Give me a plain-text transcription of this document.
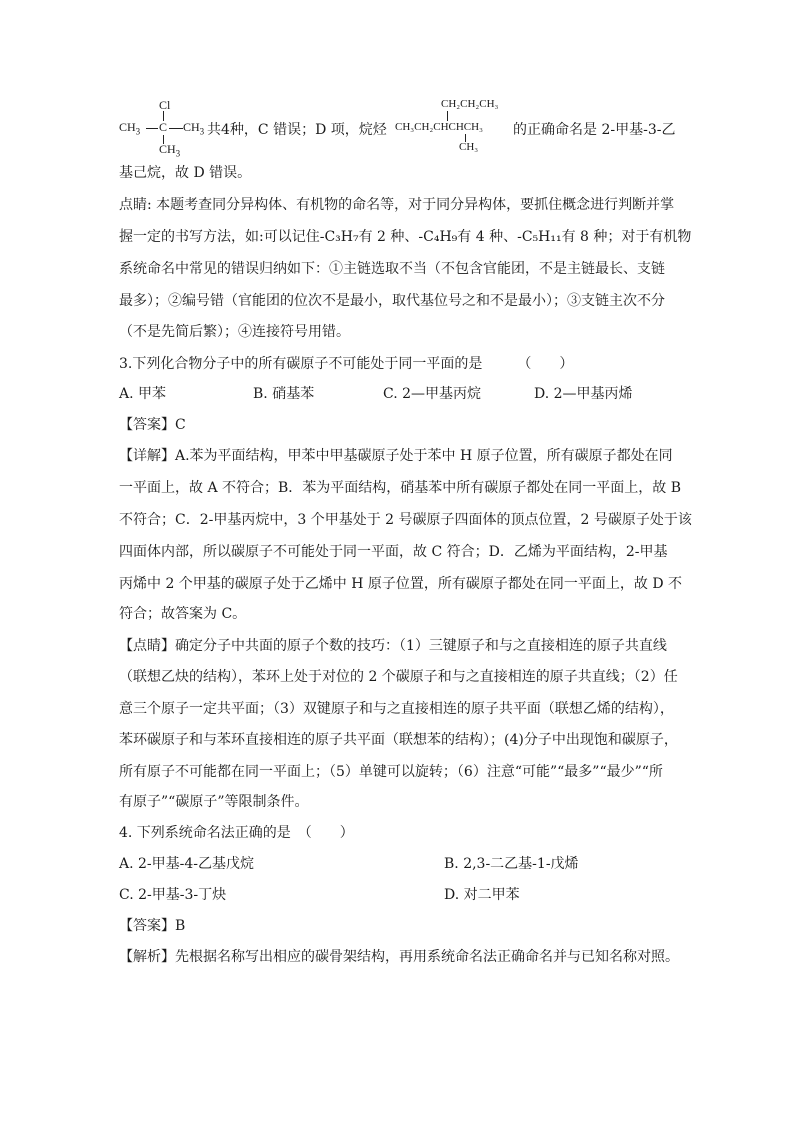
Cl
$CH_3$ C $CH_3$
$CH_3$
共4种，C 错误；D 项，烷烃
CH₂CH₂CH₃
CH₃CH₂CHCHCH₃
CH₃
的正确命名是 2-甲基-3-乙
基己烷，故 D 错误。
点睛: 本题考查同分异构体、有机物的命名等，对于同分异构体，要抓住概念进行判断并掌
握一定的书写方法，如:可以记住-C₃H₇有 2 种、-C₄H₉有 4 种、-C₅H₁₁有 8 种；对于有机物
系统命名中常见的错误归纳如下：①主链选取不当（不包含官能团，不是主链最长、支链
最多）；②编号错（官能团的位次不是最小，取代基位号之和不是最小）；③支链主次不分
（不是先简后繁）；④连接符号用错。
3.下列化合物分子中的所有碳原子不可能处于同一平面的是　　　（　　）
A. 甲苯	B. 硝基苯	C. 2—甲基丙烷	D. 2—甲基丙烯
【答案】C
【详解】A.苯为平面结构，甲苯中甲基碳原子处于苯中 H 原子位置，所有碳原子都处在同
一平面上，故 A 不符合；B．苯为平面结构，硝基苯中所有碳原子都处在同一平面上，故 B
不符合；C．2-甲基丙烷中，3 个甲基处于 2 号碳原子四面体的顶点位置，2 号碳原子处于该
四面体内部，所以碳原子不可能处于同一平面，故 C 符合；D．乙烯为平面结构，2-甲基
丙烯中 2 个甲基的碳原子处于乙烯中 H 原子位置，所有碳原子都处在同一平面上，故 D 不
符合；故答案为 C。
【点睛】确定分子中共面的原子个数的技巧：（1）三键原子和与之直接相连的原子共直线
（联想乙炔的结构），苯环上处于对位的 2 个碳原子和与之直接相连的原子共直线；（2）任
意三个原子一定共平面；（3）双键原子和与之直接相连的原子共平面（联想乙烯的结构），
苯环碳原子和与苯环直接相连的原子共平面（联想苯的结构）；(4)分子中出现饱和碳原子，
所有原子不可能都在同一平面上；（5）单键可以旋转；（6）注意“可能”“最多”“最少”“所
有原子”“碳原子”等限制条件。
4. 下列系统命名法正确的是　（　　）
A. 2-甲基-4-乙基戊烷	B. 2,3-二乙基-1-戊烯
C. 2-甲基-3-丁炔	D. 对二甲苯
【答案】B
【解析】先根据名称写出相应的碳骨架结构，再用系统命名法正确命名并与已知名称对照。
